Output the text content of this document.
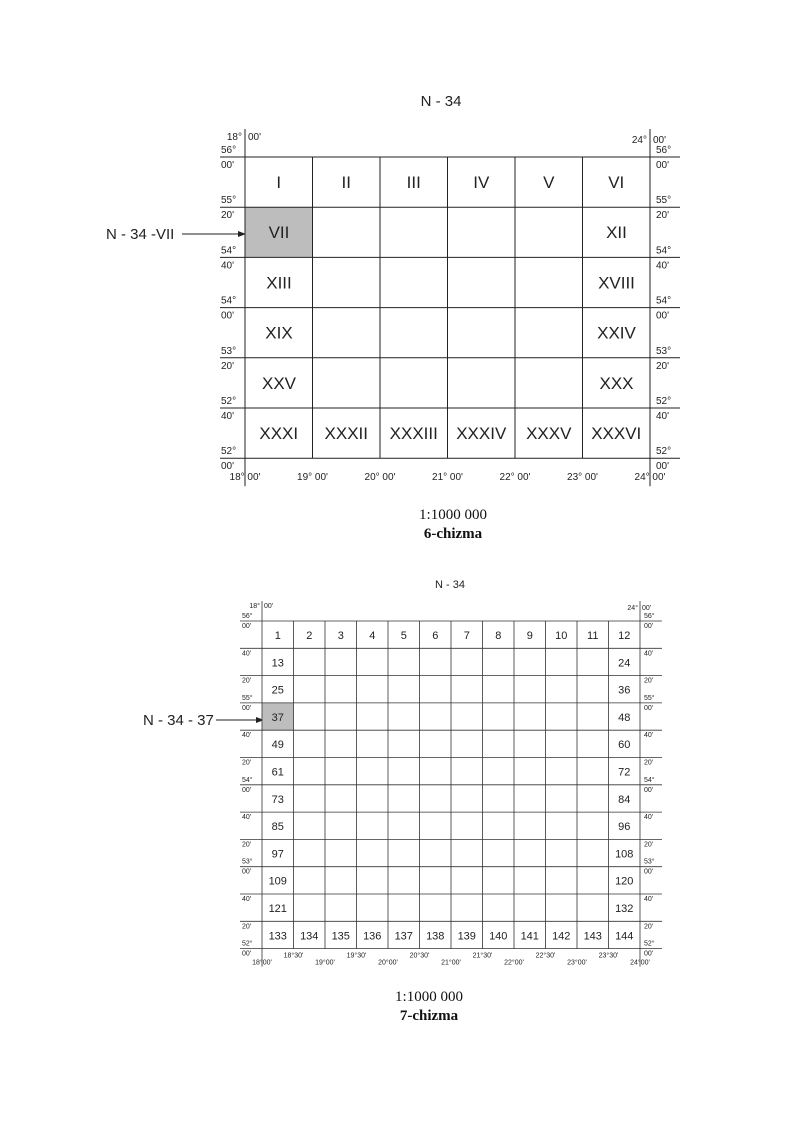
N - 34
1:1000 000
6-chizma
N - 34 -VII
N - 34
1:1000 000
7-chizma
N - 34 - 37
I	II	III	IV	V	VI
VII	XII
XIII	XVIII
XIX	XXIV
XXV	XXX
XXXI XXXII XXXIII XXXIV XXXV XXXVI
18° 00'	24° 00'
56°
00'
56°
00'
55°
20'
55°
20'
54°
40'
54°
40'
54°
00'
54°
00'
53°
20'
53°
20'
52°
40'
52°
40'
52°
00'
52°
00'
18° 00'	19° 00'	20° 00'	21° 00'	22° 00'	23° 00'	24° 00'
1 2 3 4 5 6 7 8 9 10 11 12
13	24
25	36
37	48
49	60
61	72
73	84
85	96
97	108
109	120
121	132
133 134 135 136 137 138 139 140 141 142 143 144
18° 00'	24° 00'
56°	56°
00'	00'
40'	40'
20'	20'
55°	55°
00'	00'
40'	40'
20'	20'
54°	54°
00'	00'
40'	40'
20'	20'
53°	53°
00'	00'
40'	40'
20'	20'
52°	52°
00'	00'
18°00'
18°30'
19°00'
19°30'
20°00'
20°30'
21°00'
21°30'
22°00'
22°30'
23°00'
23°30'
24°00'
